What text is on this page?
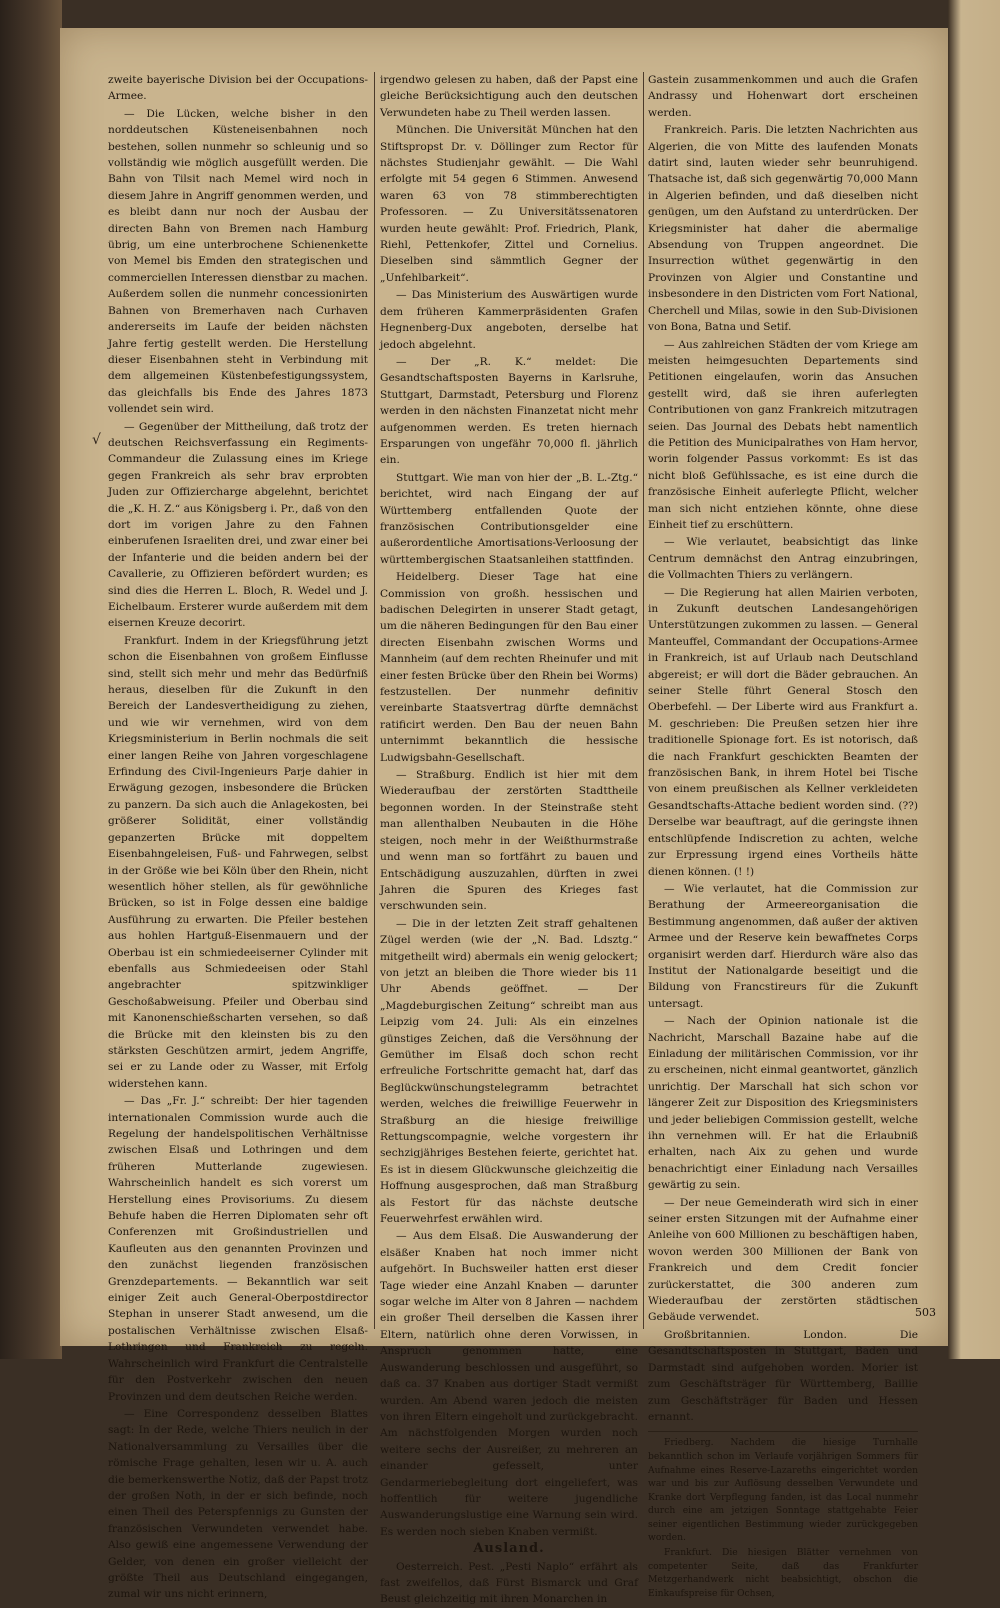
√

zweite bayerische Division bei der Occupations-Armee.

— Die Lücken, welche bisher in den norddeutschen Küsteneisenbahnen noch bestehen, sollen nunmehr so schleunig und so vollständig wie möglich ausgefüllt werden. Die Bahn von Tilsit nach Memel wird noch in diesem Jahre in Angriff genommen werden, und es bleibt dann nur noch der Ausbau der directen Bahn von Bremen nach Hamburg übrig, um eine unterbrochene Schienenkette von Memel bis Emden den strategischen und commerciellen Interessen dienstbar zu machen. Außerdem sollen die nunmehr concessionirten Bahnen von Bremerhaven nach Curhaven andererseits im Laufe der beiden nächsten Jahre fertig gestellt werden. Die Herstellung dieser Eisenbahnen steht in Verbindung mit dem allgemeinen Küstenbefestigungssystem, das gleichfalls bis Ende des Jahres 1873 vollendet sein wird.

— Gegenüber der Mittheilung, daß trotz der deutschen Reichsverfassung ein Regiments-Commandeur die Zulassung eines im Kriege gegen Frankreich als sehr brav erprobten Juden zur Offiziercharge abgelehnt, berichtet die „K. H. Z.“ aus Königsberg i. Pr., daß von den dort im vorigen Jahre zu den Fahnen einberufenen Israeliten drei, und zwar einer bei der Infanterie und die beiden andern bei der Cavallerie, zu Offizieren befördert wurden; es sind dies die Herren L. Bloch, R. Wedel und J. Eichelbaum. Ersterer wurde außerdem mit dem eisernen Kreuze decorirt.

Frankfurt. Indem in der Kriegsführung jetzt schon die Eisenbahnen von großem Einflusse sind, stellt sich mehr und mehr das Bedürfniß heraus, dieselben für die Zukunft in den Bereich der Landesvertheidigung zu ziehen, und wie wir vernehmen, wird von dem Kriegsministerium in Berlin nochmals die seit einer langen Reihe von Jahren vorgeschlagene Erfindung des Civil-Ingenieurs Parje dahier in Erwägung gezogen, insbesondere die Brücken zu panzern. Da sich auch die Anlagekosten, bei größerer Solidität, einer vollständig gepanzerten Brücke mit doppeltem Eisenbahngeleisen, Fuß- und Fahrwegen, selbst in der Größe wie bei Köln über den Rhein, nicht wesentlich höher stellen, als für gewöhnliche Brücken, so ist in Folge dessen eine baldige Ausführung zu erwarten. Die Pfeiler bestehen aus hohlen Hartguß-Eisenmauern und der Oberbau ist ein schmiedeeiserner Cylinder mit ebenfalls aus Schmiedeeisen oder Stahl angebrachter spitzwinkliger Geschoßabweisung. Pfeiler und Oberbau sind mit Kanonenschießscharten versehen, so daß die Brücke mit den kleinsten bis zu den stärksten Geschützen armirt, jedem Angriffe, sei er zu Lande oder zu Wasser, mit Erfolg widerstehen kann.

— Das „Fr. J.“ schreibt: Der hier tagenden internationalen Commission wurde auch die Regelung der handelspolitischen Verhältnisse zwischen Elsaß und Lothringen und dem früheren Mutterlande zugewiesen. Wahrscheinlich handelt es sich vorerst um Herstellung eines Provisoriums. Zu diesem Behufe haben die Herren Diplomaten sehr oft Conferenzen mit Großindustriellen und Kaufleuten aus den genannten Provinzen und den zunächst liegenden französischen Grenzdepartements. — Bekanntlich war seit einiger Zeit auch General-Oberpostdirector Stephan in unserer Stadt anwesend, um die postalischen Verhältnisse zwischen Elsaß-Lothringen und Frankreich zu regeln. Wahrscheinlich wird Frankfurt die Centralstelle für den Postverkehr zwischen den neuen Provinzen und dem deutschen Reiche werden.

— Eine Correspondenz desselben Blattes sagt: In der Rede, welche Thiers neulich in der Nationalversammlung zu Versailles über die römische Frage gehalten, lesen wir u. A. auch die bemerkenswerthe Notiz, daß der Papst trotz der großen Noth, in der er sich befinde, noch einen Theil des Peterspfennigs zu Gunsten der französischen Verwundeten verwendet habe. Also gewiß eine angemessene Verwendung der Gelder, von denen ein großer vielleicht der größte Theil aus Deutschland eingegangen, zumal wir uns nicht erinnern,

irgendwo gelesen zu haben, daß der Papst eine gleiche Berücksichtigung auch den deutschen Verwundeten habe zu Theil werden lassen.

München. Die Universität München hat den Stiftspropst Dr. v. Döllinger zum Rector für nächstes Studienjahr gewählt. — Die Wahl erfolgte mit 54 gegen 6 Stimmen. Anwesend waren 63 von 78 stimmberechtigten Professoren. — Zu Universitätssenatoren wurden heute gewählt: Prof. Friedrich, Plank, Riehl, Pettenkofer, Zittel und Cornelius. Dieselben sind sämmtlich Gegner der „Unfehlbarkeit“.

— Das Ministerium des Auswärtigen wurde dem früheren Kammerpräsidenten Grafen Hegnenberg-Dux angeboten, derselbe hat jedoch abgelehnt.

— Der „R. K.“ meldet: Die Gesandtschaftsposten Bayerns in Karlsruhe, Stuttgart, Darmstadt, Petersburg und Florenz werden in den nächsten Finanzetat nicht mehr aufgenommen werden. Es treten hiernach Ersparungen von ungefähr 70,000 fl. jährlich ein.

Stuttgart. Wie man von hier der „B. L.-Ztg.“ berichtet, wird nach Eingang der auf Württemberg entfallenden Quote der französischen Contributionsgelder eine außerordentliche Amortisations-Verloosung der württembergischen Staatsanleihen stattfinden.

Heidelberg. Dieser Tage hat eine Commission von großh. hessischen und badischen Delegirten in unserer Stadt getagt, um die näheren Bedingungen für den Bau einer directen Eisenbahn zwischen Worms und Mannheim (auf dem rechten Rheinufer und mit einer festen Brücke über den Rhein bei Worms) festzustellen. Der nunmehr definitiv vereinbarte Staatsvertrag dürfte demnächst ratificirt werden. Den Bau der neuen Bahn unternimmt bekanntlich die hessische Ludwigsbahn-Gesellschaft.

— Straßburg. Endlich ist hier mit dem Wiederaufbau der zerstörten Stadttheile begonnen worden. In der Steinstraße steht man allenthalben Neubauten in die Höhe steigen, noch mehr in der Weißthurmstraße und wenn man so fortfährt zu bauen und Entschädigung auszuzahlen, dürften in zwei Jahren die Spuren des Krieges fast verschwunden sein.

— Die in der letzten Zeit straff gehaltenen Zügel werden (wie der „N. Bad. Ldsztg.“ mitgetheilt wird) abermals ein wenig gelockert; von jetzt an bleiben die Thore wieder bis 11 Uhr Abends geöffnet. — Der „Magdeburgischen Zeitung“ schreibt man aus Leipzig vom 24. Juli: Als ein einzelnes günstiges Zeichen, daß die Versöhnung der Gemüther im Elsaß doch schon recht erfreuliche Fortschritte gemacht hat, darf das Beglückwünschungstelegramm betrachtet werden, welches die freiwillige Feuerwehr in Straßburg an die hiesige freiwillige Rettungscompagnie, welche vorgestern ihr sechzigjähriges Bestehen feierte, gerichtet hat. Es ist in diesem Glückwunsche gleichzeitig die Hoffnung ausgesprochen, daß man Straßburg als Festort für das nächste deutsche Feuerwehrfest erwählen wird.

— Aus dem Elsaß. Die Auswanderung der elsäßer Knaben hat noch immer nicht aufgehört. In Buchsweiler hatten erst dieser Tage wieder eine Anzahl Knaben — darunter sogar welche im Alter von 8 Jahren — nachdem ein großer Theil derselben die Kassen ihrer Eltern, natürlich ohne deren Vorwissen, in Anspruch genommen hatte, eine Auswanderung beschlossen und ausgeführt, so daß ca. 37 Knaben aus dortiger Stadt vermißt wurden. Am Abend waren jedoch die meisten von ihren Eltern eingeholt und zurückgebracht. Am nächstfolgenden Morgen wurden noch weitere sechs der Ausreißer, zu mehreren an einander gefesselt, unter Gendarmeriebegleitung dort eingeliefert, was hoffentlich für weitere jugendliche Auswanderungslustige eine Warnung sein wird. Es werden noch sieben Knaben vermißt.

Ausland.

Oesterreich. Pest. „Pesti Naplo“ erfährt als fast zweifellos, daß Fürst Bismarck und Graf Beust gleichzeitig mit ihren Monarchen in

Gastein zusammenkommen und auch die Grafen Andrassy und Hohenwart dort erscheinen werden.

Frankreich. Paris. Die letzten Nachrichten aus Algerien, die von Mitte des laufenden Monats datirt sind, lauten wieder sehr beunruhigend. Thatsache ist, daß sich gegenwärtig 70,000 Mann in Algerien befinden, und daß dieselben nicht genügen, um den Aufstand zu unterdrücken. Der Kriegsminister hat daher die abermalige Absendung von Truppen angeordnet. Die Insurrection wüthet gegenwärtig in den Provinzen von Algier und Constantine und insbesondere in den Districten vom Fort National, Cherchell und Milas, sowie in den Sub-Divisionen von Bona, Batna und Setif.

— Aus zahlreichen Städten der vom Kriege am meisten heimgesuchten Departements sind Petitionen eingelaufen, worin das Ansuchen gestellt wird, daß sie ihren auferlegten Contributionen von ganz Frankreich mitzutragen seien. Das Journal des Debats hebt namentlich die Petition des Municipalrathes von Ham hervor, worin folgender Passus vorkommt: Es ist das nicht bloß Gefühlssache, es ist eine durch die französische Einheit auferlegte Pflicht, welcher man sich nicht entziehen könnte, ohne diese Einheit tief zu erschüttern.

— Wie verlautet, beabsichtigt das linke Centrum demnächst den Antrag einzubringen, die Vollmachten Thiers zu verlängern.

— Die Regierung hat allen Mairien verboten, in Zukunft deutschen Landesangehörigen Unterstützungen zukommen zu lassen. — General Manteuffel, Commandant der Occupations-Armee in Frankreich, ist auf Urlaub nach Deutschland abgereist; er will dort die Bäder gebrauchen. An seiner Stelle führt General Stosch den Oberbefehl. — Der Liberte wird aus Frankfurt a. M. geschrieben: Die Preußen setzen hier ihre traditionelle Spionage fort. Es ist notorisch, daß die nach Frankfurt geschickten Beamten der französischen Bank, in ihrem Hotel bei Tische von einem preußischen als Kellner verkleideten Gesandtschafts-Attache bedient worden sind. (??) Derselbe war beauftragt, auf die geringste ihnen entschlüpfende Indiscretion zu achten, welche zur Erpressung irgend eines Vortheils hätte dienen können. (! !)

— Wie verlautet, hat die Commission zur Berathung der Armeereorganisation die Bestimmung angenommen, daß außer der aktiven Armee und der Reserve kein bewaffnetes Corps organisirt werden darf. Hierdurch wäre also das Institut der Nationalgarde beseitigt und die Bildung von Francstireurs für die Zukunft untersagt.

— Nach der Opinion nationale ist die Nachricht, Marschall Bazaine habe auf die Einladung der militärischen Commission, vor ihr zu erscheinen, nicht einmal geantwortet, gänzlich unrichtig. Der Marschall hat sich schon vor längerer Zeit zur Disposition des Kriegsministers und jeder beliebigen Commission gestellt, welche ihn vernehmen will. Er hat die Erlaubniß erhalten, nach Aix zu gehen und wurde benachrichtigt einer Einladung nach Versailles gewärtig zu sein.

— Der neue Gemeinderath wird sich in einer seiner ersten Sitzungen mit der Aufnahme einer Anleihe von 600 Millionen zu beschäftigen haben, wovon werden 300 Millionen der Bank von Frankreich und dem Credit foncier zurückerstattet, die 300 anderen zum Wiederaufbau der zerstörten städtischen Gebäude verwendet.

Großbritannien. London. Die Gesandtschaftsposten in Stuttgart, Baden und Darmstadt sind aufgehoben worden. Morier ist zum Geschäftsträger für Württemberg, Baillie zum Geschäftsträger für Baden und Hessen ernannt.

Friedberg. Nachdem die hiesige Turnhalle bekanntlich schon im Verlaufe vorjährigen Sommers für Aufnahme eines Reserve-Lazareths eingerichtet worden war und bis zur Auflösung desselben Verwundete und Kranke dort Verpflegung fanden, ist das Local nunmehr durch eine am jetzigen Sonntage stattgehabte Feier seiner eigentlichen Bestimmung wieder zurückgegeben worden.

Frankfurt. Die hiesigen Blätter vernehmen von competenter Seite, daß das Frankfurter Metzgerhandwerk nicht beabsichtigt, obschon die Einkaufspreise für Ochsen,

503
